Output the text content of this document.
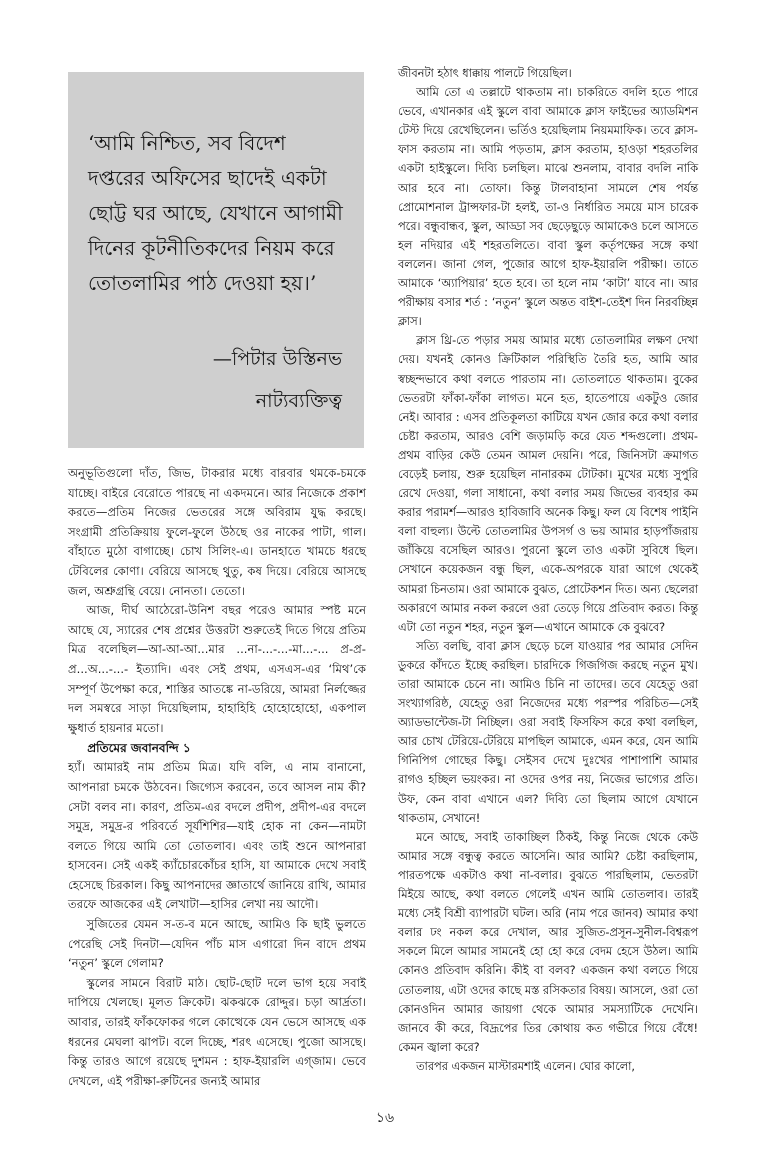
‘আমি নিশ্চিত, সব বিদেশ দপ্তরের অফিসের ছাদেই একটা ছোট্ট ঘর আছে, যেখানে আগামী দিনের কূটনীতিকদের নিয়ম করে তোতলামির পাঠ দেওয়া হয়।’

—পিটার উস্তিনভ
নাট্যব্যক্তিত্ব

অনুভূতিগুলো দাঁত, জিভ, টাকরার মধ্যে বারবার থমকে-চমকে যাচ্ছে। বাইরে বেরোতে পারছে না একদমনে। আর নিজেকে প্রকাশ করতে—প্রতিম নিজের ভেতরের সঙ্গে অবিরাম যুদ্ধ করছে। সংগ্রামী প্রতিক্রিয়ায় ফুলে-ফুলে উঠছে ওর নাকের পাটা, গাল। বাঁহাতে মুঠো বাগাচ্ছে। চোখ সিলিং-এ। ডানহাতে খামচে ধরছে টেবিলের কোণা। বেরিয়ে আসছে থুতু, কষ দিয়ে। বেরিয়ে আসছে জল, অশ্রুগ্রন্থি বেয়ে। নোনতা। তেতো।

আজ, দীর্ঘ আঠেরো-উনিশ বছর পরেও আমার স্পষ্ট মনে আছে যে, স্যারের শেষ প্রশ্নের উত্তরটা শুরুতেই দিতে গিয়ে প্রতিম মিত্র বলেছিল—আ-আ-আ...মার ...না-...-...-মা...-... প্র-প্র-প্র...অ...-...- ইত্যাদি। এবং সেই প্রথম, এসএস-এর ‘মিথ’কে সম্পূর্ণ উপেক্ষা করে, শাস্তির আতঙ্কে না-ডরিয়ে, আমরা নির্লজ্জের দল সমস্বরে সাড়া দিয়েছিলাম, হাহাহিহি হোহোহোহো, একপাল ক্ষুধার্ত হায়নার মতো।

প্রতিমের জবানবন্দি ১

হ্যাঁ। আমারই নাম প্রতিম মিত্র। যদি বলি, এ নাম বানানো, আপনারা চমকে উঠবেন। জিগ্যেস করবেন, তবে আসল নাম কী? সেটা বলব না। কারণ, প্রতিম-এর বদলে প্রদীপ, প্রদীপ-এর বদলে সমুদ্র, সমুদ্র-র পরিবর্তে সূর্যশিশির—যাই হোক না কেন—নামটা বলতে গিয়ে আমি তো তোতলাব। এবং তাই শুনে আপনারা হাসবেন। সেই একই ক্যাঁচোরকোঁচর হাসি, যা আমাকে দেখে সবাই হেসেছে চিরকাল। কিছু আপনাদের জ্ঞাতার্থে জানিয়ে রাখি, আমার তরফে আজকের এই লেখাটা—হাসির লেখা নয় আদৌ।

সুজিতের যেমন স-ত-ব মনে আছে, আমিও কি ছাই ভুলতে পেরেছি সেই দিনটা—যেদিন পাঁচ মাস এগারো দিন বাদে প্রথম ‘নতুন’ স্কুলে গেলাম?

স্কুলের সামনে বিরাট মাঠ। ছোট-ছোট দলে ভাগ হয়ে সবাই দাপিয়ে খেলছে। মূলত ক্রিকেট। ঝকঝকে রোদ্দুর। চড়া আর্দ্রতা। আবার, তারই ফাঁকফোকর গলে কোত্থেকে যেন ভেসে আসছে এক ধরনের মেঘলা ঝাপট। বলে দিচ্ছে, শরৎ এসেছে। পুজো আসছে। কিন্তু তারও আগে রয়েছে দুশমন : হাফ-ইয়ারলি এগ্‌জাম। ভেবে দেখলে, এই পরীক্ষা-রুটিনের জন্যই আমার

জীবনটা হঠাৎ ধাক্কায় পালটে গিয়েছিল।

আমি তো এ তল্লাটে থাকতাম না। চাকরিতে বদলি হতে পারে ভেবে, এখানকার এই স্কুলে বাবা আমাকে ক্লাস ফাইভের অ্যাডমিশন টেস্ট দিয়ে রেখেছিলেন। ভর্তিও হয়েছিলাম নিয়মমাফিক। তবে ক্লাস-ফাস করতাম না। আমি পড়তাম, ক্লাস করতাম, হাওড়া শহরতলির একটা হাইস্কুলে। দিব্যি চলছিল। মাঝে শুনলাম, বাবার বদলি নাকি আর হবে না। তোফা। কিন্তু টালবাহানা সামলে শেষ পর্যন্ত প্রোমোশনাল ট্রান্সফার-টা হলই, তা-ও নির্ধারিত সময়ে মাস চারেক পরে। বন্ধুবান্ধব, স্কুল, আড্ডা সব ছেড়েছুড়ে আমাকেও চলে আসতে হল নদিয়ার এই শহরতলিতে। বাবা স্কুল কর্তৃপক্ষের সঙ্গে কথা বললেন। জানা গেল, পুজোর আগে হাফ-ইয়ারলি পরীক্ষা। তাতে আমাকে ‘অ্যাপিয়ার’ হতে হবে। তা হলে নাম ‘কাটা’ যাবে না। আর পরীক্ষায় বসার শর্ত : ‘নতুন’ স্কুলে অন্তত বাইশ-তেইশ দিন নিরবচ্ছিন্ন ক্লাস।

ক্লাস থ্রি-তে পড়ার সময় আমার মধ্যে তোতলামির লক্ষণ দেখা দেয়। যখনই কোনও ক্রিটিকাল পরিস্থিতি তৈরি হত, আমি আর স্বচ্ছন্দভাবে কথা বলতে পারতাম না। তোতলাতে থাকতাম। বুকের ভেতরটা ফাঁকা-ফাঁকা লাগত। মনে হত, হাতেপায়ে একটুও জোর নেই। আবার : এসব প্রতিকূলতা কাটিয়ে যখন জোর করে কথা বলার চেষ্টা করতাম, আরও বেশি জড়ামড়ি করে যেত শব্দগুলো। প্রথম-প্রথম বাড়ির কেউ তেমন আমল দেয়নি। পরে, জিনিসটা ক্রমাগত বেড়েই চলায়, শুরু হয়েছিল নানারকম টোটকা। মুখের মধ্যে সুপুরি রেখে দেওয়া, গলা সাধানো, কথা বলার সময় জিভের ব্যবহার কম করার পরামর্শ—আরও হাবিজাবি অনেক কিছু। ফল যে বিশেষ পাইনি বলা বাহুল্য। উল্টে তোতলামির উপসর্গ ও ভয় আমার হাড়পাঁজরায় জাঁকিয়ে বসেছিল আরও। পুরনো স্কুলে তাও একটা সুবিধে ছিল। সেখানে কয়েকজন বন্ধু ছিল, একে-অপরকে যারা আগে থেকেই আমরা চিনতাম। ওরা আমাকে বুঝত, প্রোটেকশন দিত। অন্য ছেলেরা অকারণে আমার নকল করলে ওরা তেড়ে গিয়ে প্রতিবাদ করত। কিন্তু এটা তো নতুন শহর, নতুন স্কুল—এখানে আমাকে কে বুঝবে?

সত্যি বলছি, বাবা ক্লাস ছেড়ে চলে যাওয়ার পর আমার সেদিন ডুকরে কাঁদতে ইচ্ছে করছিল। চারদিকে গিজগিজ করছে নতুন মুখ। তারা আমাকে চেনে না। আমিও চিনি না তাদের। তবে যেহেতু ওরা সংখ্যাগরিষ্ঠ, যেহেতু ওরা নিজেদের মধ্যে পরস্পর পরিচিত—সেই অ্যাডভান্টেজ-টা নিচ্ছিল। ওরা সবাই ফিসফিস করে কথা বলছিল, আর চোখ টেরিয়ে-টেরিয়ে মাপছিল আমাকে, এমন করে, যেন আমি গিনিপিগ গোছের কিছু। সেইসব দেখে দুঃখের পাশাপাশি আমার রাগও হচ্ছিল ভয়ংকর। না ওদের ওপর নয়, নিজের ভাগ্যের প্রতি। উফ, কেন বাবা এখানে এল? দিব্যি তো ছিলাম আগে যেখানে থাকতাম, সেখানে!

মনে আছে, সবাই তাকাচ্ছিল ঠিকই, কিন্তু নিজে থেকে কেউ আমার সঙ্গে বন্ধুত্ব করতে আসেনি। আর আমি? চেষ্টা করছিলাম, পারতপক্ষে একটাও কথা না-বলার। বুঝতে পারছিলাম, ভেতরটা মিইয়ে আছে, কথা বলতে গেলেই এখন আমি তোতলাব। তারই মধ্যে সেই বিশ্রী ব্যাপারটা ঘটল। অরি (নাম পরে জানব) আমার কথা বলার ঢং নকল করে দেখাল, আর সুজিত-প্রসূন-সুনীল-বিশ্বরূপ সকলে মিলে আমার সামনেই হো হো করে বেদম হেসে উঠল। আমি কোনও প্রতিবাদ করিনি। কীই বা বলব? একজন কথা বলতে গিয়ে তোতলায়, এটা ওদের কাছে মস্ত রসিকতার বিষয়। আসলে, ওরা তো কোনওদিন আমার জায়গা থেকে আমার সমস্যাটিকে দেখেনি। জানবে কী করে, বিদ্রূপের তির কোথায় কত গভীরে গিয়ে বেঁধে! কেমন জ্বালা করে?

তারপর একজন মাস্টারমশাই এলেন। ঘোর কালো,

১৬
